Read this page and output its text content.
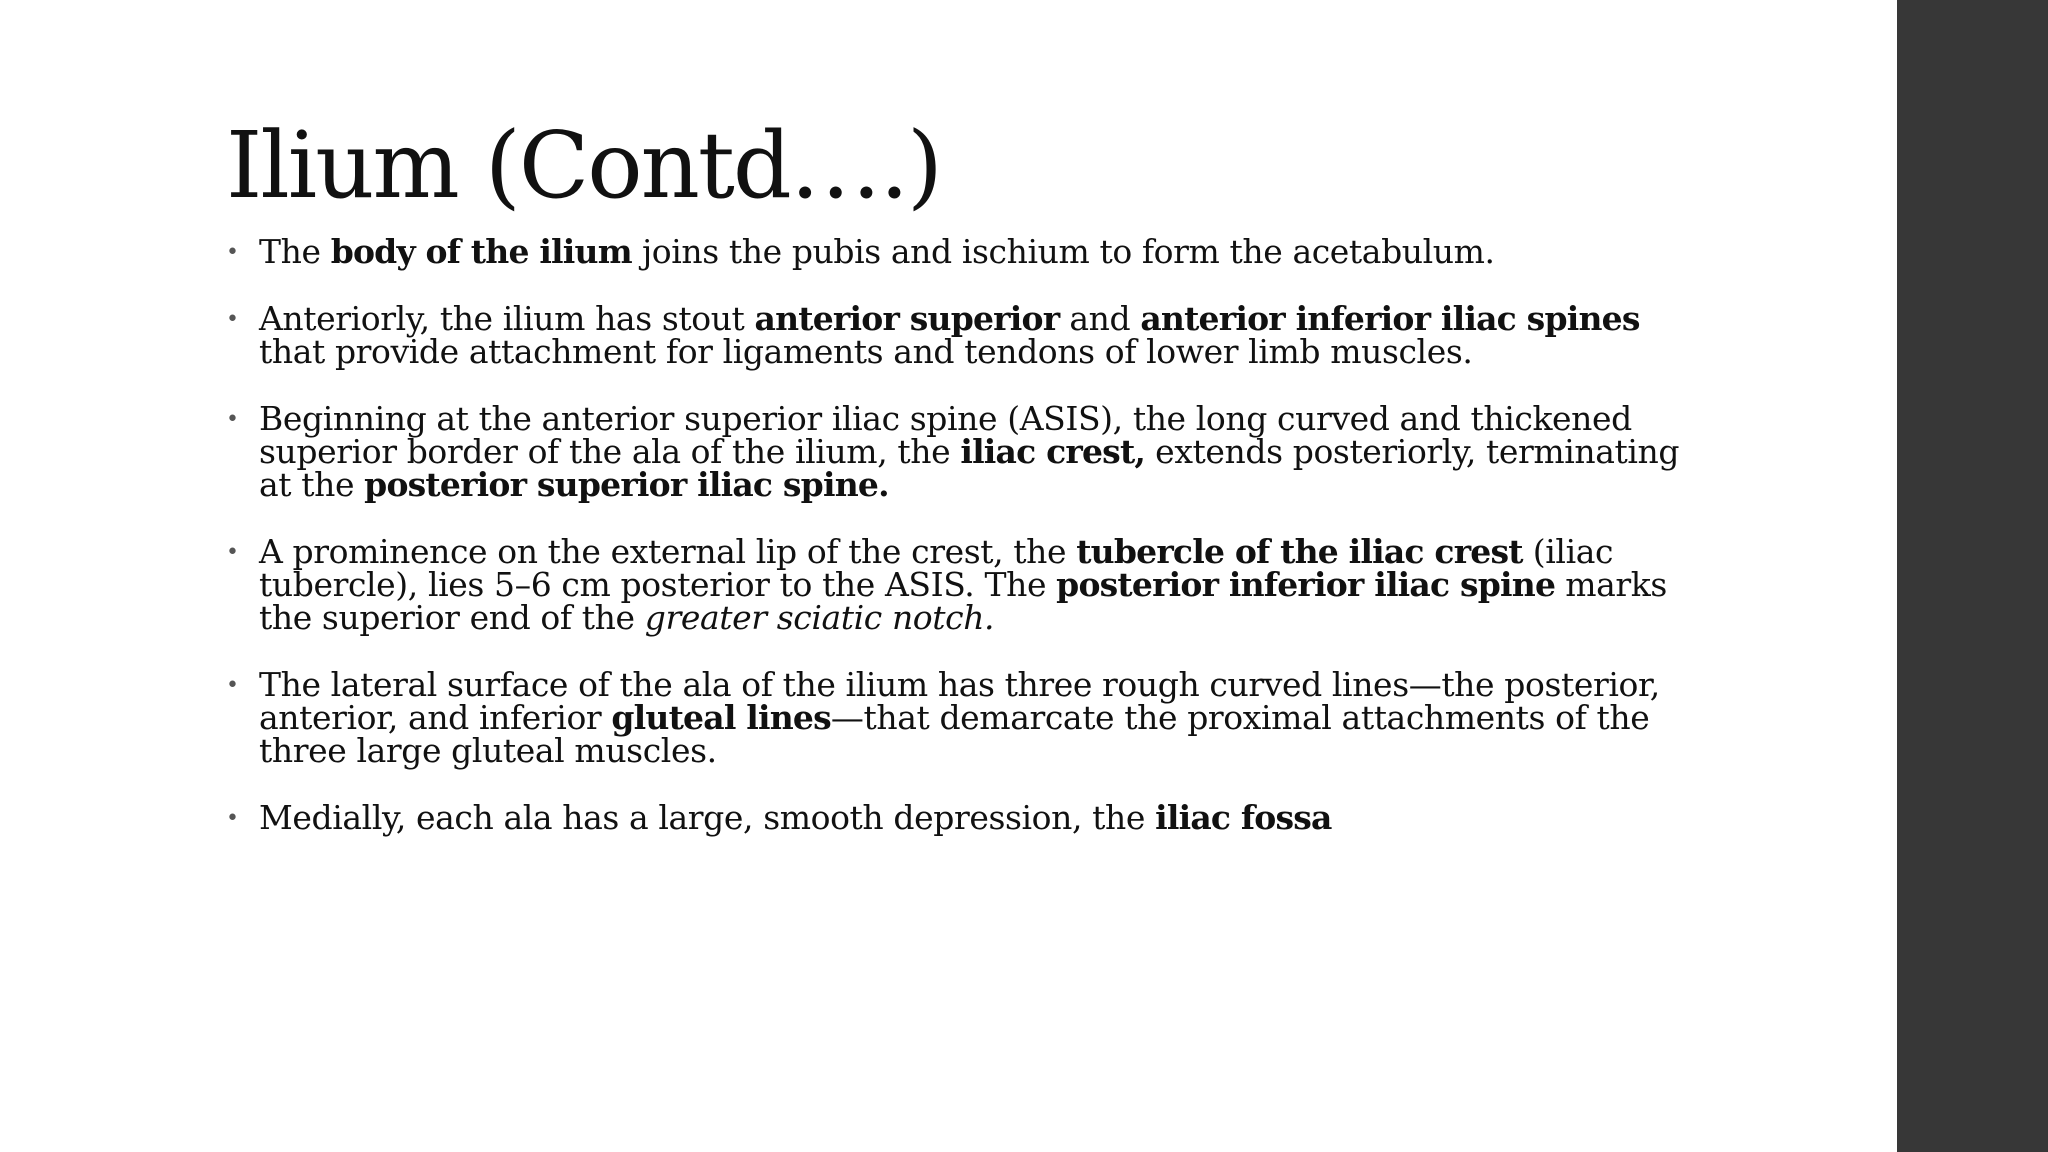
Ilium (Contd….)
• The body of the ilium joins the pubis and ischium to form the acetabulum.
• Anteriorly, the ilium has stout anterior superior and anterior inferior iliac spines that provide attachment for ligaments and tendons of lower limb muscles.
• Beginning at the anterior superior iliac spine (ASIS), the long curved and thickened superior border of the ala of the ilium, the iliac crest, extends posteriorly, terminating at the posterior superior iliac spine.
• A prominence on the external lip of the crest, the tubercle of the iliac crest (iliac tubercle), lies 5–6 cm posterior to the ASIS. The posterior inferior iliac spine marks the superior end of the greater sciatic notch.
• The lateral surface of the ala of the ilium has three rough curved lines—the posterior, anterior, and inferior gluteal lines—that demarcate the proximal attachments of the three large gluteal muscles.
• Medially, each ala has a large, smooth depression, the iliac fossa
